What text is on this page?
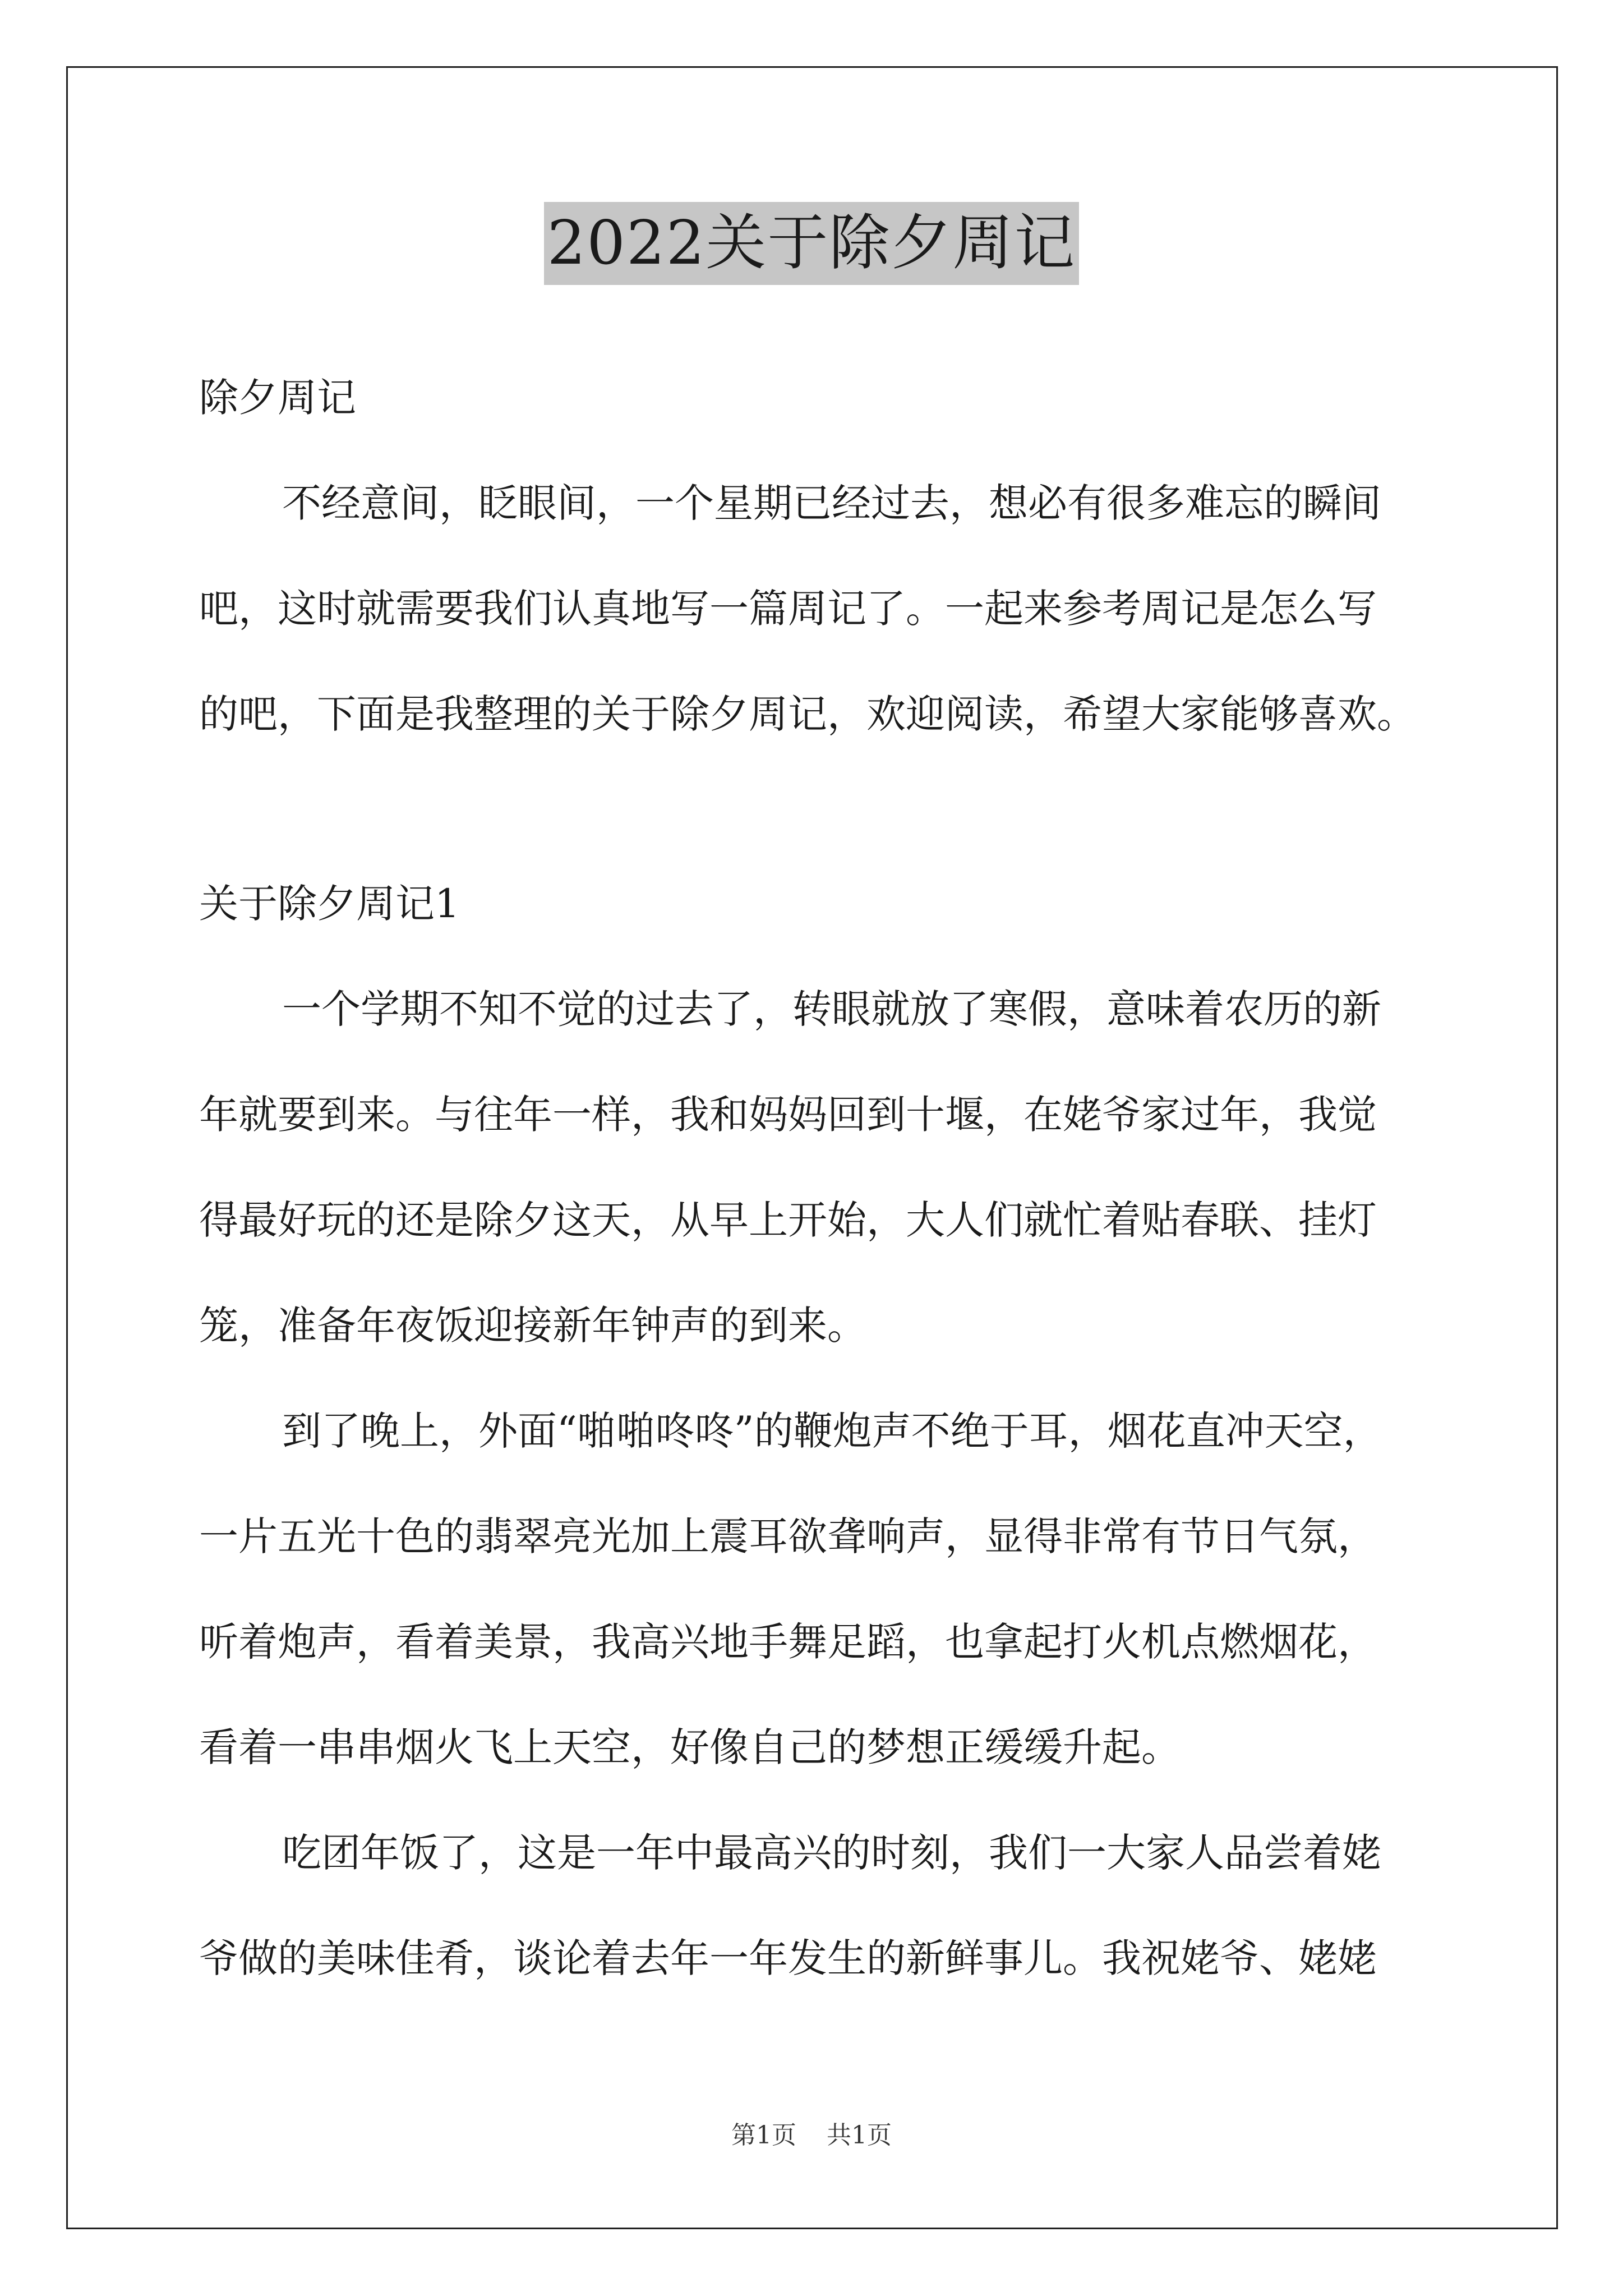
2022关于除夕周记
除夕周记
不经意间，眨眼间，一个星期已经过去，想必有很多难忘的瞬间
吧，这时就需要我们认真地写一篇周记了。一起来参考周记是怎么写
的吧，下面是我整理的关于除夕周记，欢迎阅读，希望大家能够喜欢。
关于除夕周记1
一个学期不知不觉的过去了，转眼就放了寒假，意味着农历的新
年就要到来。与往年一样，我和妈妈回到十堰，在姥爷家过年，我觉
得最好玩的还是除夕这天，从早上开始，大人们就忙着贴春联、挂灯
笼，准备年夜饭迎接新年钟声的到来。
到了晚上，外面“啪啪咚咚”的鞭炮声不绝于耳，烟花直冲天空，
一片五光十色的翡翠亮光加上震耳欲聋响声，显得非常有节日气氛，
听着炮声，看着美景，我高兴地手舞足蹈，也拿起打火机点燃烟花，
看着一串串烟火飞上天空，好像自己的梦想正缓缓升起。
吃团年饭了，这是一年中最高兴的时刻，我们一大家人品尝着姥
爷做的美味佳肴，谈论着去年一年发生的新鲜事儿。我祝姥爷、姥姥
第1页 共1页
